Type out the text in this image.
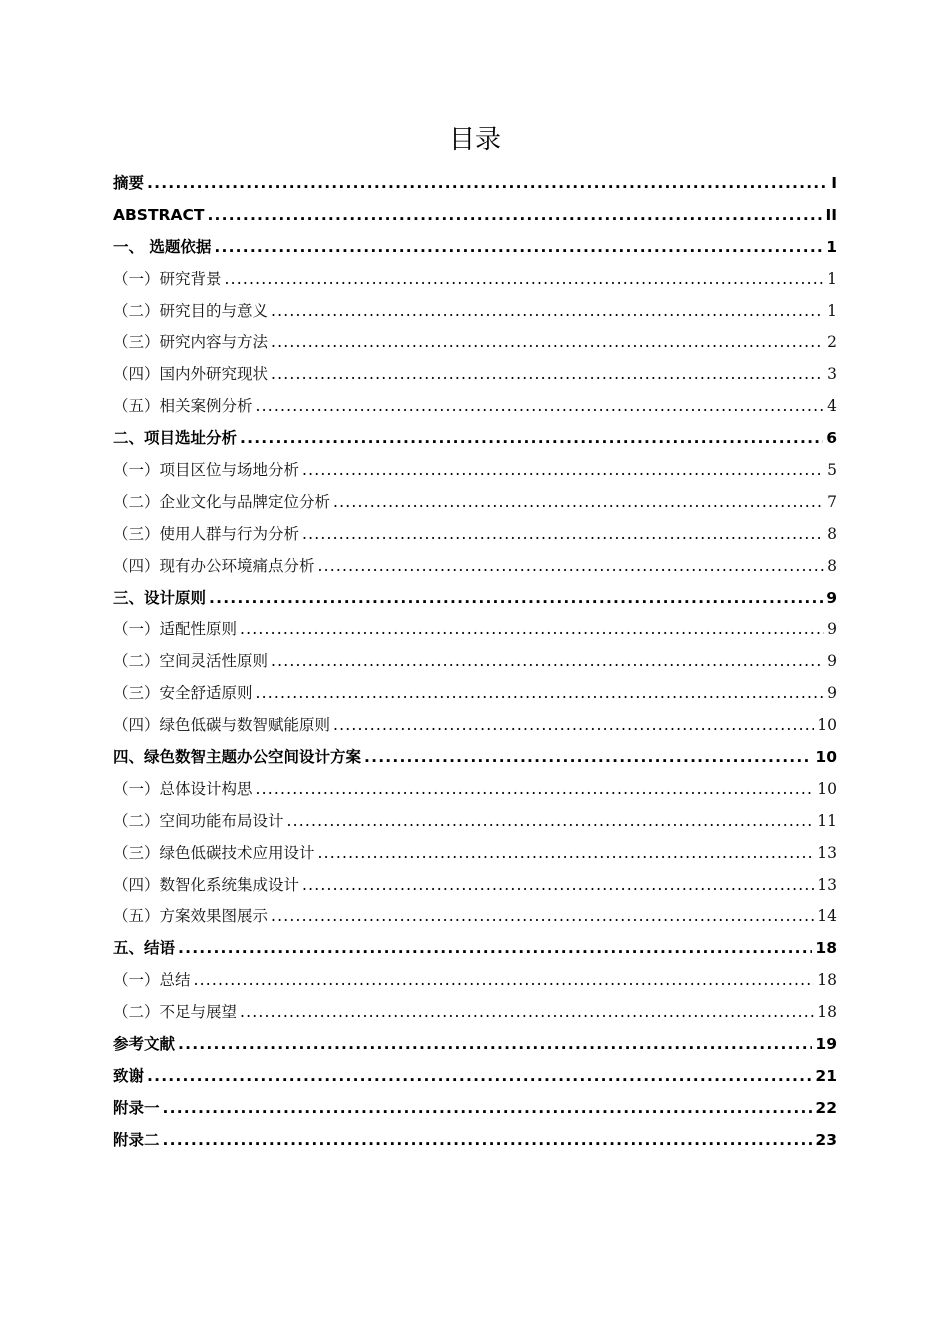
目录
摘要 .....	I
ABSTRACT .....	II
一、 选题依据 .....	1
（一）研究背景 .....	1
（二）研究目的与意义 .....	1
（三）研究内容与方法 .....	2
（四）国内外研究现状 .....	3
（五）相关案例分析 .....	4
二、项目选址分析 .....	6
（一）项目区位与场地分析 .....	5
（二）企业文化与品牌定位分析 .....	7
（三）使用人群与行为分析 .....	8
（四）现有办公环境痛点分析 .....	8
三、设计原则 .....	9
（一）适配性原则 .....	9
（二）空间灵活性原则 .....	9
（三）安全舒适原则 .....	9
（四）绿色低碳与数智赋能原则 .....	10
四、绿色数智主题办公空间设计方案 .....	10
（一）总体设计构思 .....	10
（二）空间功能布局设计 .....	11
（三）绿色低碳技术应用设计 .....	13
（四）数智化系统集成设计 .....	13
（五）方案效果图展示 .....	14
五、结语 .....	18
（一）总结 .....	18
（二）不足与展望 .....	18
参考文献 .....	19
致谢 .....	21
附录一 .....	22
附录二 .....	23
